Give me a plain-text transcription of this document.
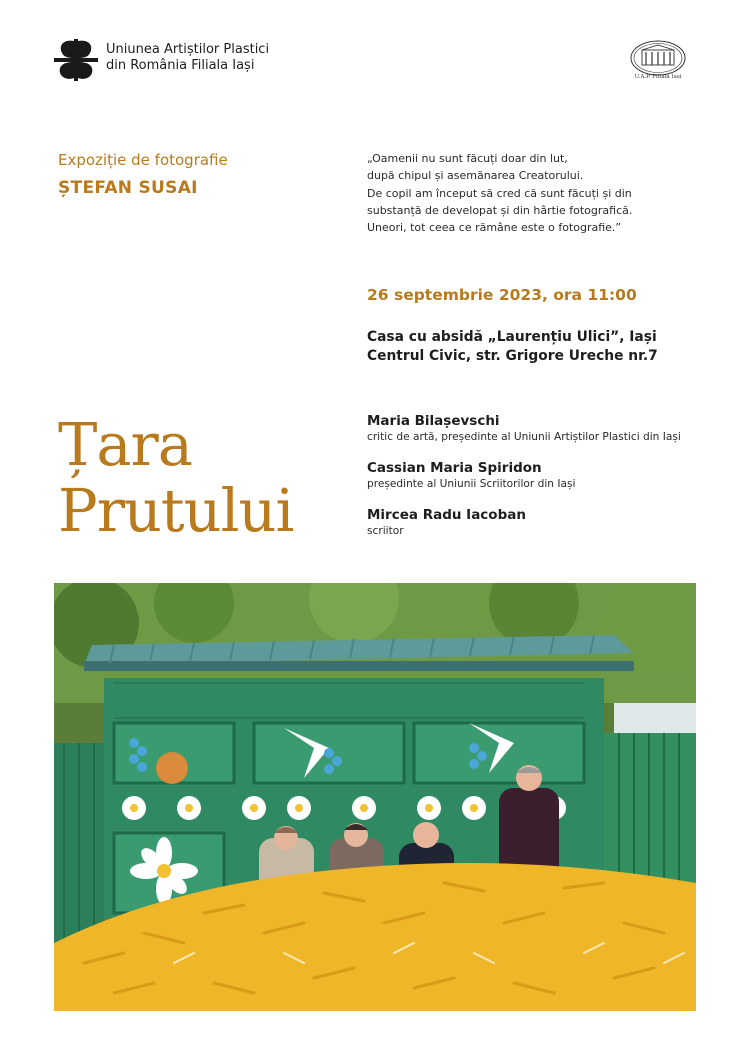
Uniunea Artiștilor Plastici
din România Filiala Iași
U.A.P. Filiala Iași
Expoziție de fotografie
ȘTEFAN SUSAI
„Oamenii nu sunt făcuți doar din lut,
după chipul și asemănarea Creatorului.
De copil am început să cred că sunt făcuți și din
substanță de developat și din hârtie fotografică.
Uneori, tot ceea ce rămâne este o fotografie.”
26 septembrie 2023, ora 11:00
Casa cu absidă „Laurențiu Ulici”, Iași
Centrul Civic, str. Grigore Ureche nr.7
Țara
Prutului
Maria Bilașevschi
critic de artă, președinte al Uniunii Artiștilor Plastici din Iași
Cassian Maria Spiridon
președinte al Uniunii Scriitorilor din Iași
Mircea Radu Iacoban
scriitor
